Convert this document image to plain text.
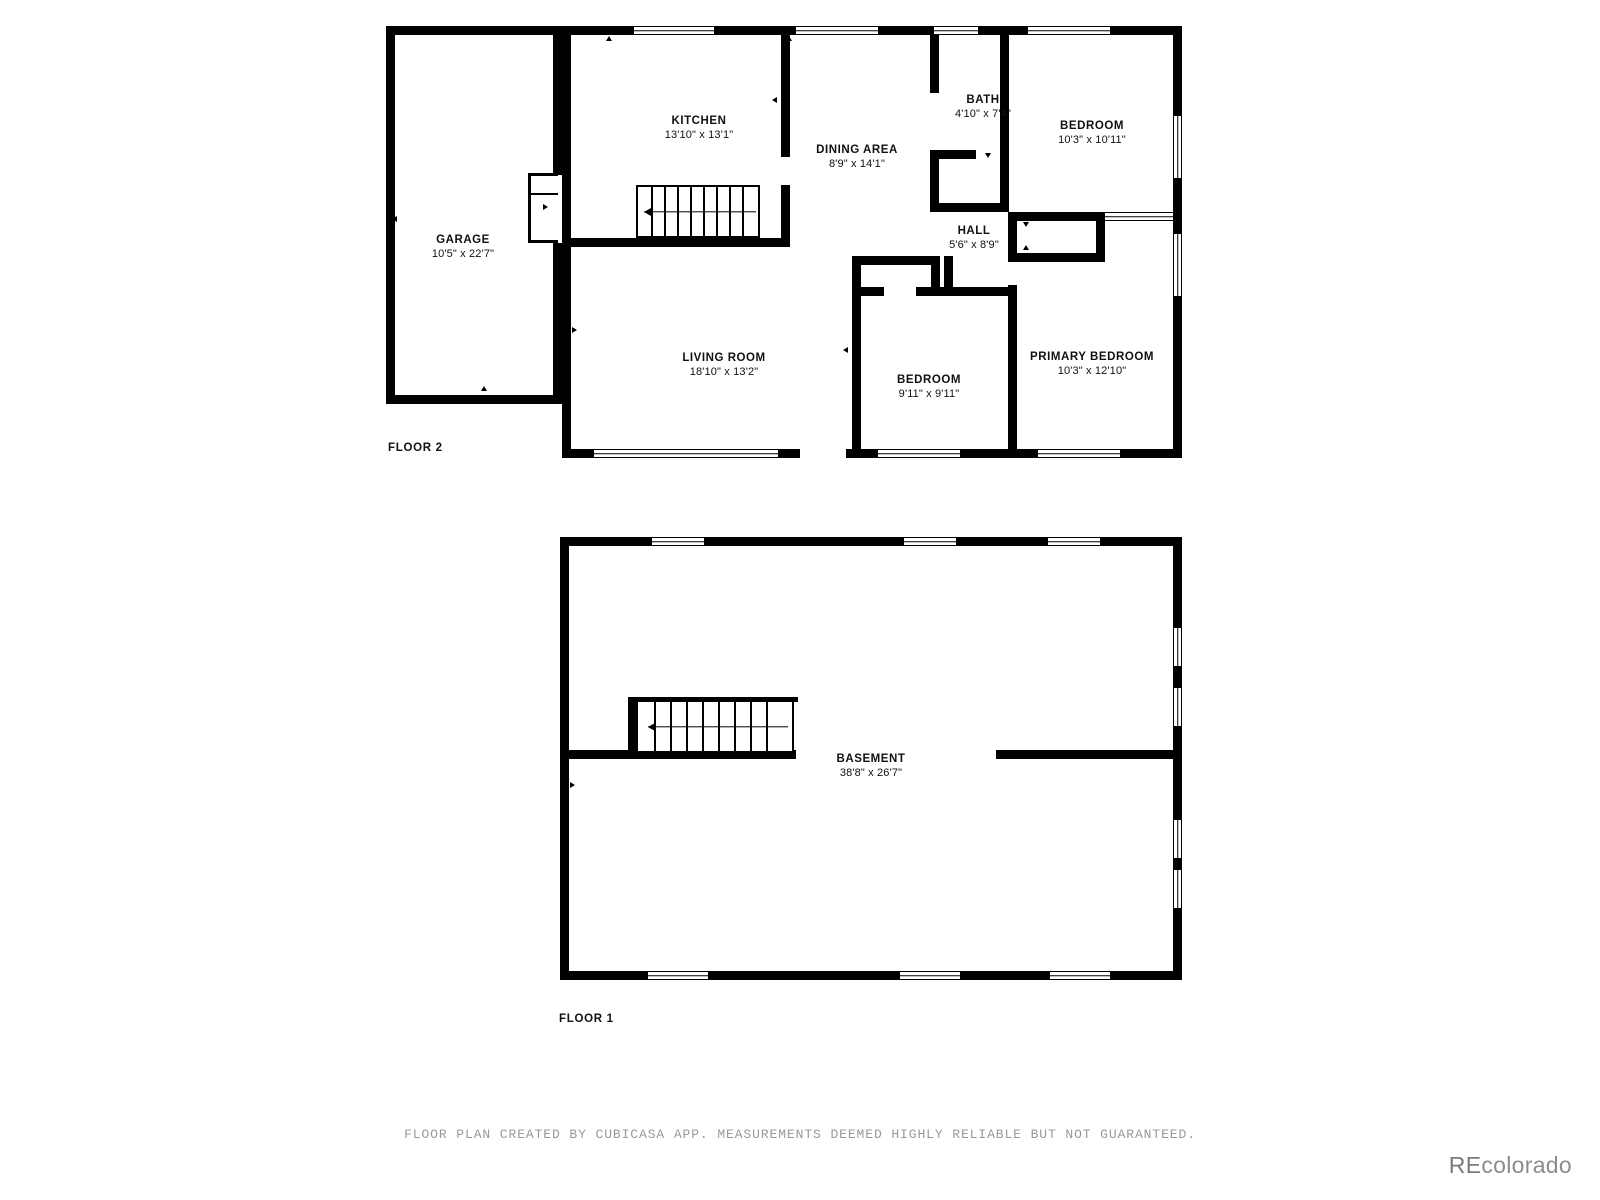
GARAGE
10'5" x 22'7"
KITCHEN
13'10" x 13'1"
DINING AREA
8'9" x 14'1"
BATH
4'10" x 7'4"
BEDROOM
10'3" x 10'11"
HALL
5'6" x 8'9"
LIVING ROOM
18'10" x 13'2"
BEDROOM
9'11" x 9'11"
PRIMARY BEDROOM
10'3" x 12'10"
FLOOR 2
BASEMENT
38'8" x 26'7"
FLOOR 1
FLOOR PLAN CREATED BY CUBICASA APP. MEASUREMENTS DEEMED HIGHLY RELIABLE BUT NOT GUARANTEED.
REcolorado
